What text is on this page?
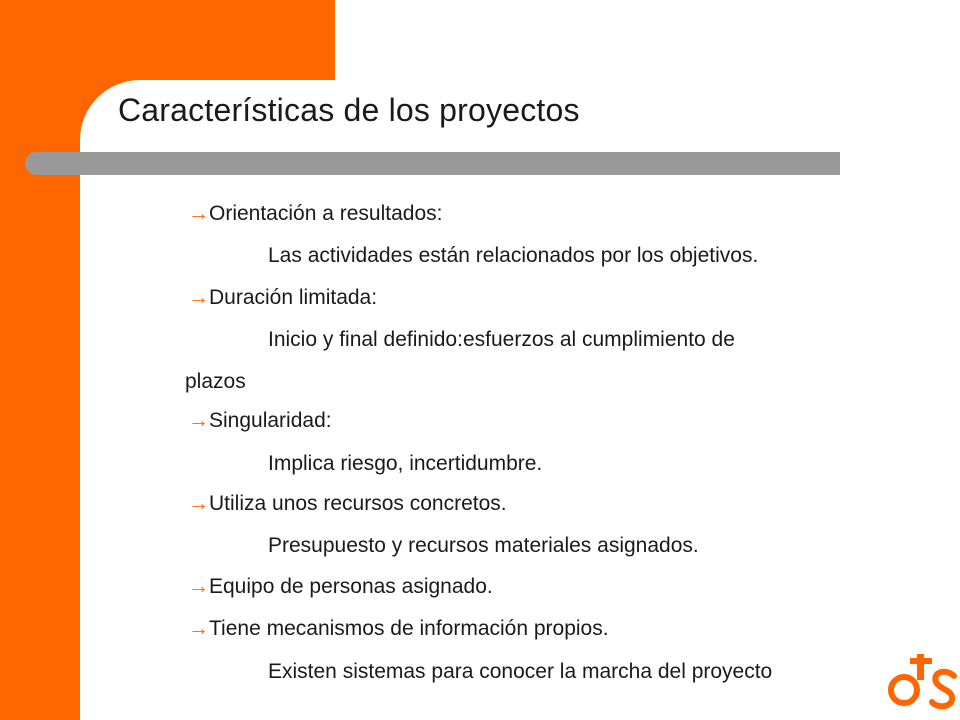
Características de los proyectos
→Orientación a resultados:
Las actividades están relacionados por los objetivos.
→Duración limitada:
Inicio y final definido:esfuerzos al cumplimiento de
plazos
→Singularidad:
Implica riesgo, incertidumbre.
→Utiliza unos recursos concretos.
Presupuesto y recursos materiales asignados.
→Equipo de personas asignado.
→Tiene mecanismos de información propios.
Existen sistemas para conocer la marcha del proyecto
